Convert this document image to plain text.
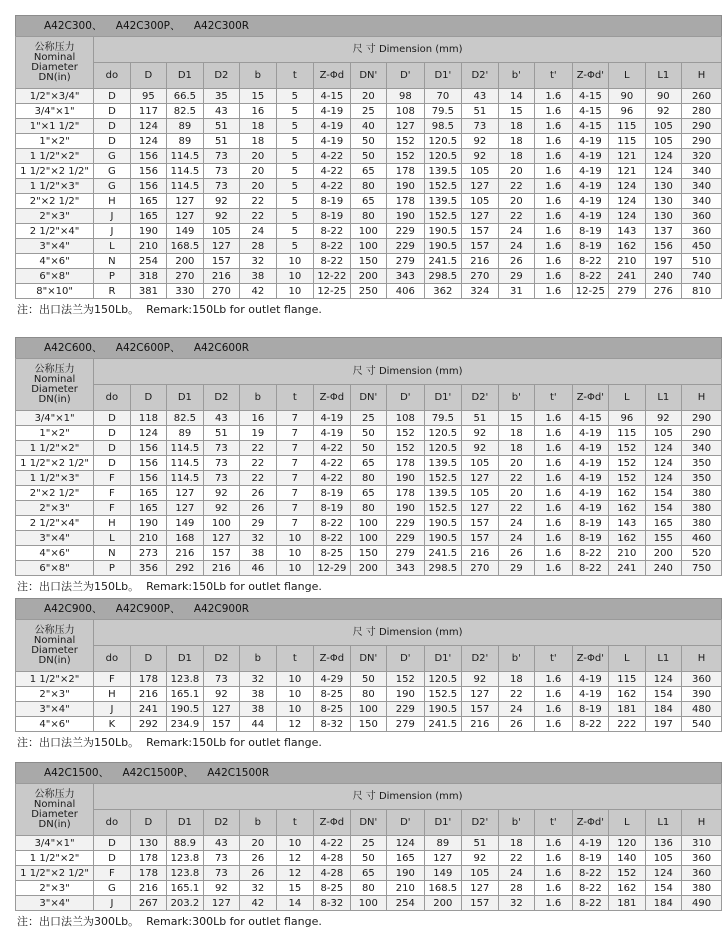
A42C300、    A42C300P、    A42C300R
公称压力
Nominal
Diameter
DN(in)	尺 寸 Dimension (mm)																
	do	D	D1	D2	b	t	Z-Φd	DN'	D'	D1'	D2'	b'	t'	Z-Φd'	L	L1	H
1/2"×3/4"	D	95	66.5	35	15	5	4-15	20	98	70	43	14	1.6	4-15	90	90	260
3/4"×1"	D	117	82.5	43	16	5	4-19	25	108	79.5	51	15	1.6	4-15	96	92	280
1"×1 1/2"	D	124	89	51	18	5	4-19	40	127	98.5	73	18	1.6	4-15	115	105	290
1"×2"	D	124	89	51	18	5	4-19	50	152	120.5	92	18	1.6	4-19	115	105	290
1 1/2"×2"	G	156	114.5	73	20	5	4-22	50	152	120.5	92	18	1.6	4-19	121	124	320
1 1/2"×2 1/2"	G	156	114.5	73	20	5	4-22	65	178	139.5	105	20	1.6	4-19	121	124	340
1 1/2"×3"	G	156	114.5	73	20	5	4-22	80	190	152.5	127	22	1.6	4-19	124	130	340
2"×2 1/2"	H	165	127	92	22	5	8-19	65	178	139.5	105	20	1.6	4-19	124	130	340
2"×3"	J	165	127	92	22	5	8-19	80	190	152.5	127	22	1.6	4-19	124	130	360
2 1/2"×4"	J	190	149	105	24	5	8-22	100	229	190.5	157	24	1.6	8-19	143	137	360
3"×4"	L	210	168.5	127	28	5	8-22	100	229	190.5	157	24	1.6	8-19	162	156	450
4"×6"	N	254	200	157	32	10	8-22	150	279	241.5	216	26	1.6	8-22	210	197	510
6"×8"	P	318	270	216	38	10	12-22	200	343	298.5	270	29	1.6	8-22	241	240	740
8"×10"	R	381	330	270	42	10	12-25	250	406	362	324	31	1.6	12-25	279	276	810
注：出口法兰为150Lb。  Remark:150Lb for outlet flange.
A42C600、    A42C600P、    A42C600R
公称压力
Nominal
Diameter
DN(in)	尺 寸 Dimension (mm)																
	do	D	D1	D2	b	t	Z-Φd	DN'	D'	D1'	D2'	b'	t'	Z-Φd'	L	L1	H
3/4"×1"	D	118	82.5	43	16	7	4-19	25	108	79.5	51	15	1.6	4-15	96	92	290
1"×2"	D	124	89	51	19	7	4-19	50	152	120.5	92	18	1.6	4-19	115	105	290
1 1/2"×2"	D	156	114.5	73	22	7	4-22	50	152	120.5	92	18	1.6	4-19	152	124	340
1 1/2"×2 1/2"	D	156	114.5	73	22	7	4-22	65	178	139.5	105	20	1.6	4-19	152	124	350
1 1/2"×3"	F	156	114.5	73	22	7	4-22	80	190	152.5	127	22	1.6	4-19	152	124	350
2"×2 1/2"	F	165	127	92	26	7	8-19	65	178	139.5	105	20	1.6	4-19	162	154	380
2"×3"	F	165	127	92	26	7	8-19	80	190	152.5	127	22	1.6	4-19	162	154	380
2 1/2"×4"	H	190	149	100	29	7	8-22	100	229	190.5	157	24	1.6	8-19	143	165	380
3"×4"	L	210	168	127	32	10	8-22	100	229	190.5	157	24	1.6	8-19	162	155	460
4"×6"	N	273	216	157	38	10	8-25	150	279	241.5	216	26	1.6	8-22	210	200	520
6"×8"	P	356	292	216	46	10	12-29	200	343	298.5	270	29	1.6	8-22	241	240	750
注：出口法兰为150Lb。  Remark:150Lb for outlet flange.
A42C900、    A42C900P、    A42C900R
公称压力
Nominal
Diameter
DN(in)	尺 寸 Dimension (mm)																
	do	D	D1	D2	b	t	Z-Φd	DN'	D'	D1'	D2'	b'	t'	Z-Φd'	L	L1	H
1 1/2"×2"	F	178	123.8	73	32	10	4-29	50	152	120.5	92	18	1.6	4-19	115	124	360
2"×3"	H	216	165.1	92	38	10	8-25	80	190	152.5	127	22	1.6	4-19	162	154	390
3"×4"	J	241	190.5	127	38	10	8-25	100	229	190.5	157	24	1.6	8-19	181	184	480
4"×6"	K	292	234.9	157	44	12	8-32	150	279	241.5	216	26	1.6	8-22	222	197	540
注：出口法兰为150Lb。  Remark:150Lb for outlet flange.
A42C1500、    A42C1500P、    A42C1500R
公称压力
Nominal
Diameter
DN(in)	尺 寸 Dimension (mm)																
	do	D	D1	D2	b	t	Z-Φd	DN'	D'	D1'	D2'	b'	t'	Z-Φd'	L	L1	H
3/4"×1"	D	130	88.9	43	20	10	4-22	25	124	89	51	18	1.6	4-19	120	136	310
1 1/2"×2"	D	178	123.8	73	26	12	4-28	50	165	127	92	22	1.6	8-19	140	105	360
1 1/2"×2 1/2"	F	178	123.8	73	26	12	4-28	65	190	149	105	24	1.6	8-22	152	124	360
2"×3"	G	216	165.1	92	32	15	8-25	80	210	168.5	127	28	1.6	8-22	162	154	380
3"×4"	J	267	203.2	127	42	14	8-32	100	254	200	157	32	1.6	8-22	181	184	490
注：出口法兰为300Lb。  Remark:300Lb for outlet flange.
